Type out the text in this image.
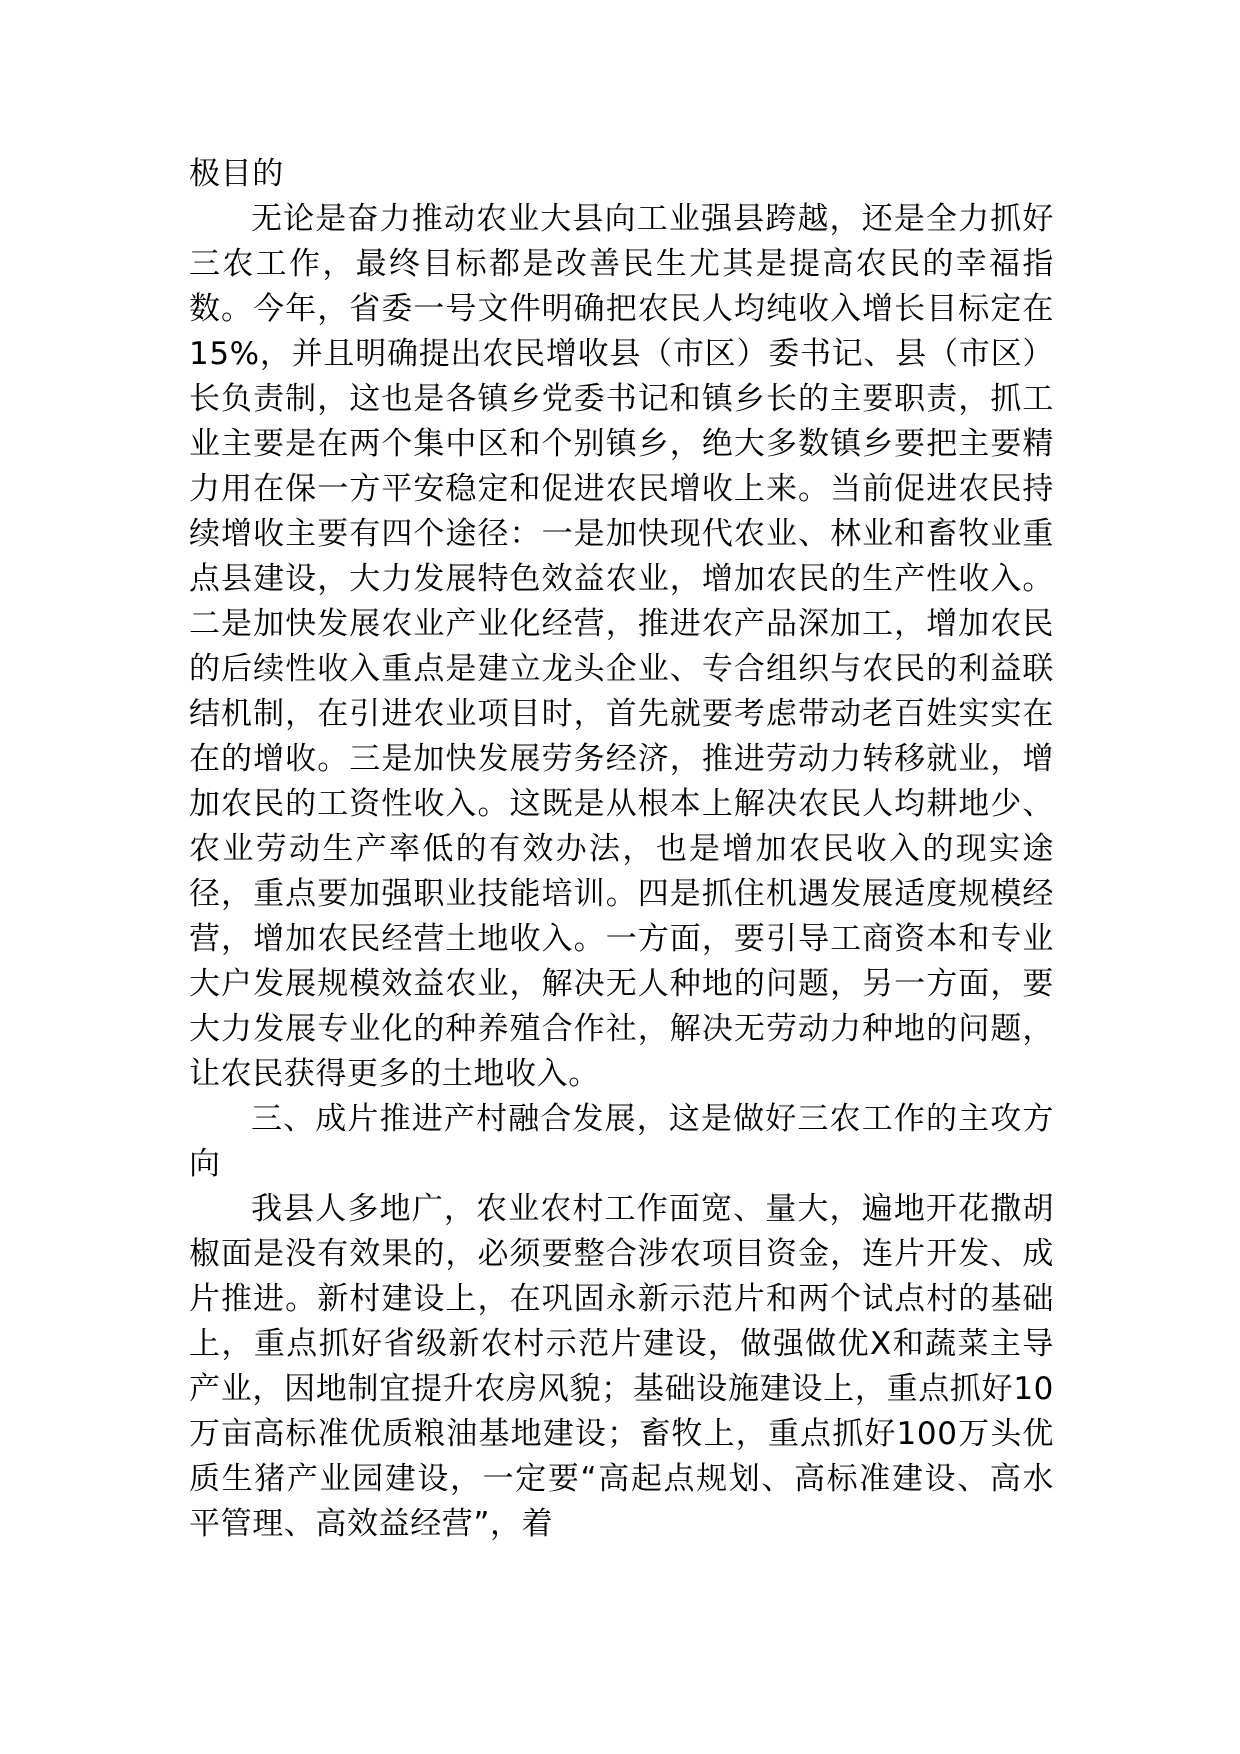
极目的

无论是奋力推动农业大县向工业强县跨越，还是全力抓好三农工作，最终目标都是改善民生尤其是提高农民的幸福指数。今年，省委一号文件明确把农民人均纯收入增长目标定在15%，并且明确提出农民增收县（市区）委书记、县（市区）长负责制，这也是各镇乡党委书记和镇乡长的主要职责，抓工业主要是在两个集中区和个别镇乡，绝大多数镇乡要把主要精力用在保一方平安稳定和促进农民增收上来。当前促进农民持续增收主要有四个途径：一是加快现代农业、林业和畜牧业重点县建设，大力发展特色效益农业，增加农民的生产性收入。二是加快发展农业产业化经营，推进农产品深加工，增加农民的后续性收入重点是建立龙头企业、专合组织与农民的利益联结机制，在引进农业项目时，首先就要考虑带动老百姓实实在在的增收。三是加快发展劳务经济，推进劳动力转移就业，增加农民的工资性收入。这既是从根本上解决农民人均耕地少、农业劳动生产率低的有效办法，也是增加农民收入的现实途径，重点要加强职业技能培训。四是抓住机遇发展适度规模经营，增加农民经营土地收入。一方面，要引导工商资本和专业大户发展规模效益农业，解决无人种地的问题，另一方面，要大力发展专业化的种养殖合作社，解决无劳动力种地的问题，让农民获得更多的土地收入。

三、成片推进产村融合发展，这是做好三农工作的主攻方向

我县人多地广，农业农村工作面宽、量大，遍地开花撒胡椒面是没有效果的，必须要整合涉农项目资金，连片开发、成片推进。新村建设上，在巩固永新示范片和两个试点村的基础上，重点抓好省级新农村示范片建设，做强做优X和蔬菜主导产业，因地制宜提升农房风貌；基础设施建设上，重点抓好10万亩高标准优质粮油基地建设；畜牧上，重点抓好100万头优质生猪产业园建设，一定要“高起点规划、高标准建设、高水平管理、高效益经营”，着
